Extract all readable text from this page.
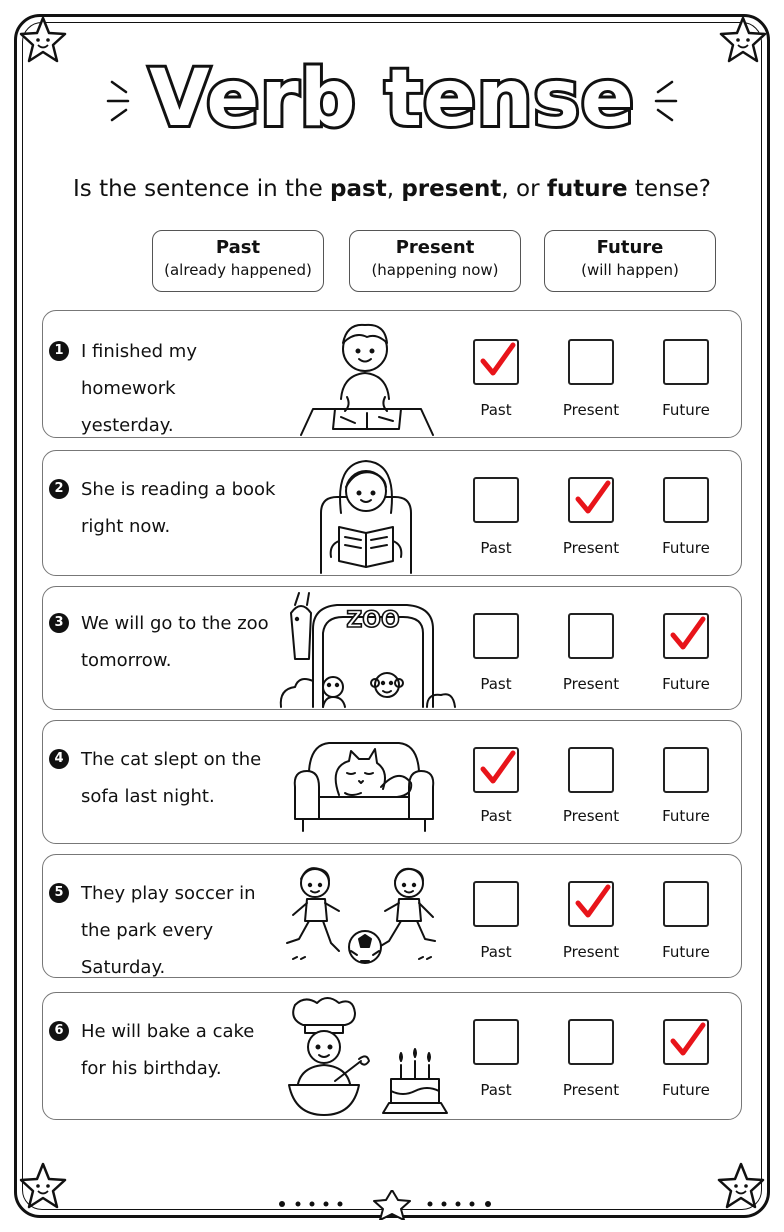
Verb tense
Is the sentence in the past, present, or future tense?
Past
(already happened)
Present
(happening now)
Future
(will happen)
1 I finished my homework
yesterday.
Past	Present	Future
2 She is reading a book
right now.
Past	Present	Future
3 We will go to the zoo
tomorrow.
ZOO
Past	Present	Future
4 The cat slept on the
sofa last night.
Past	Present	Future
5 They play soccer in
the park every Saturday.
Past	Present	Future
6 He will bake a cake
for his birthday.
Past	Present	Future
